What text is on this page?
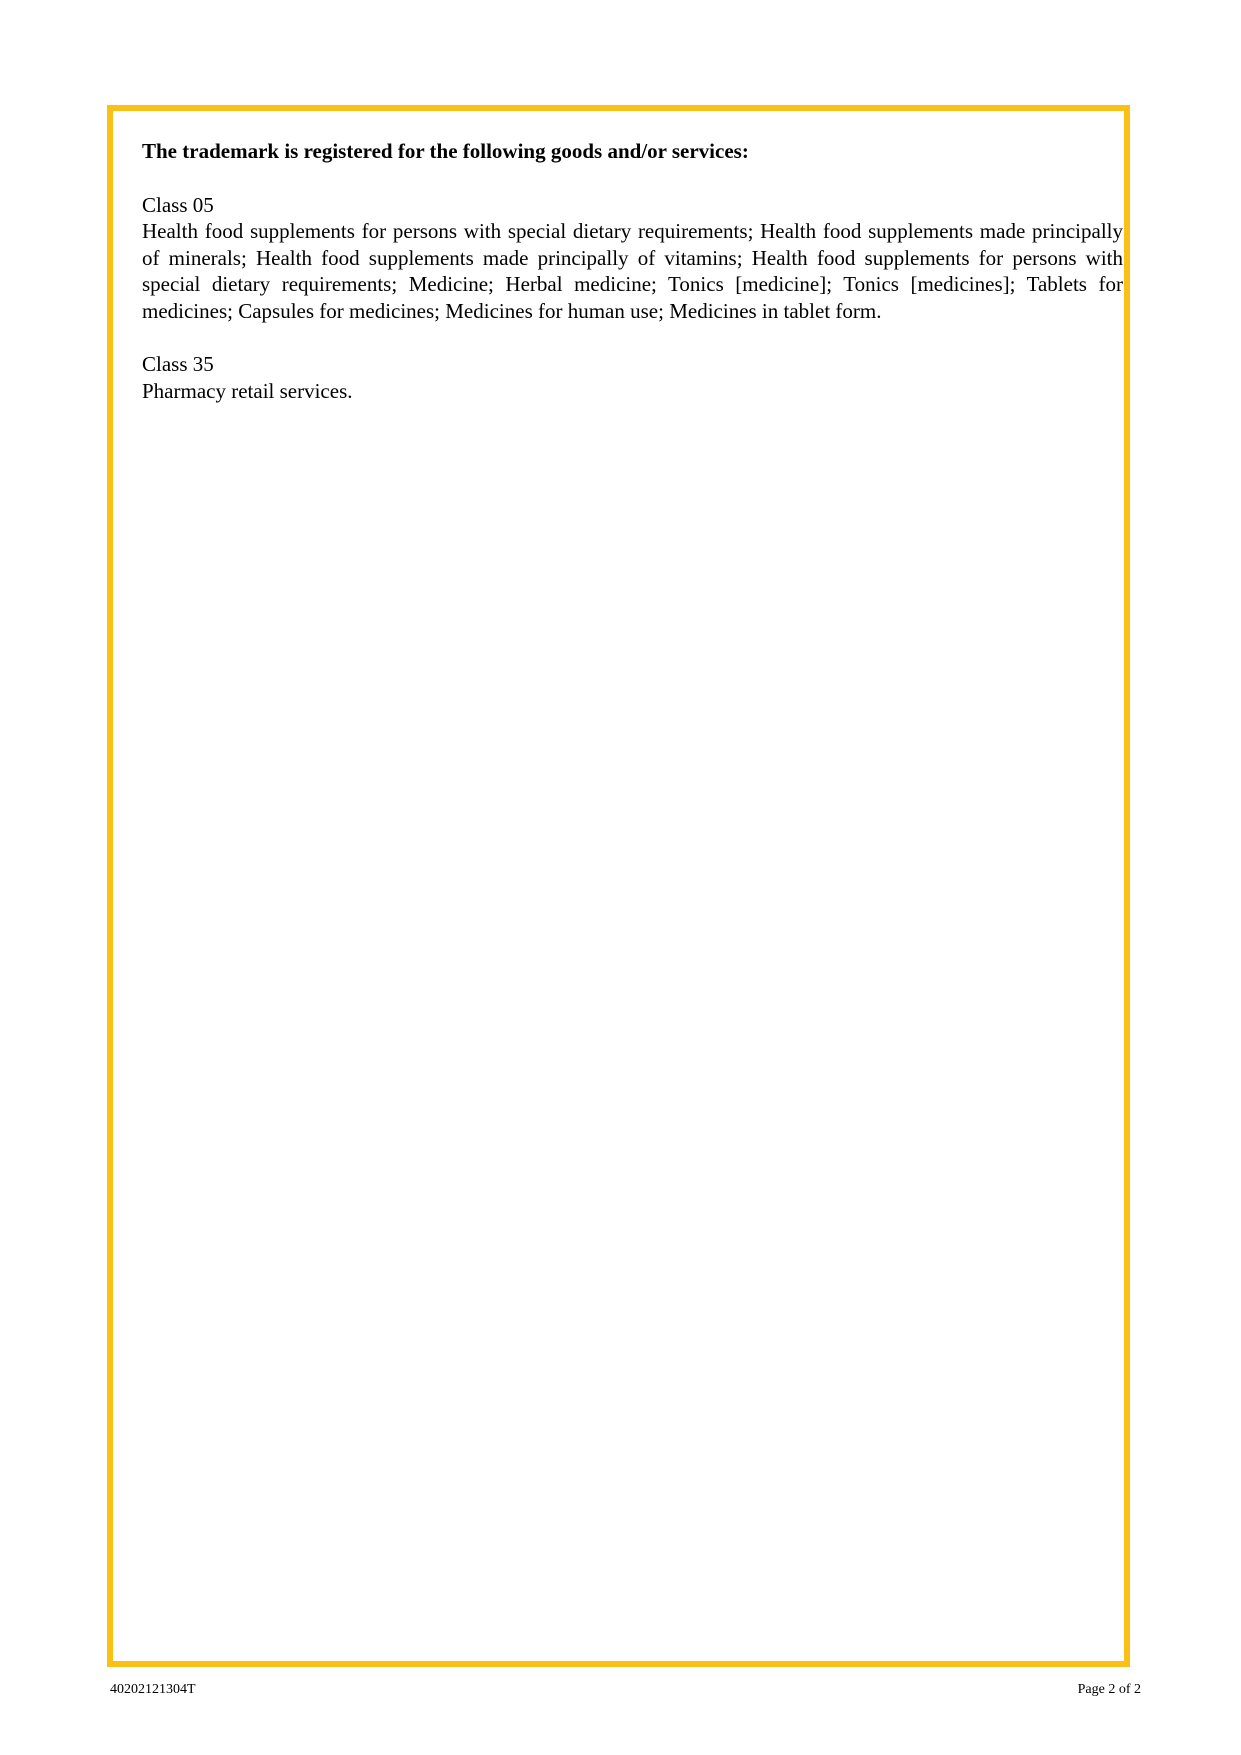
The trademark is registered for the following goods and/or services:

Class 05

Health food supplements for persons with special dietary requirements; Health food supplements made principally of minerals; Health food supplements made principally of vitamins; Health food supplements for persons with special dietary requirements; Medicine; Herbal medicine; Tonics [medicine]; Tonics [medicines]; Tablets for medicines; Capsules for medicines; Medicines for human use; Medicines in tablet form.

Class 35

Pharmacy retail services.

40202121304T	Page 2 of 2
